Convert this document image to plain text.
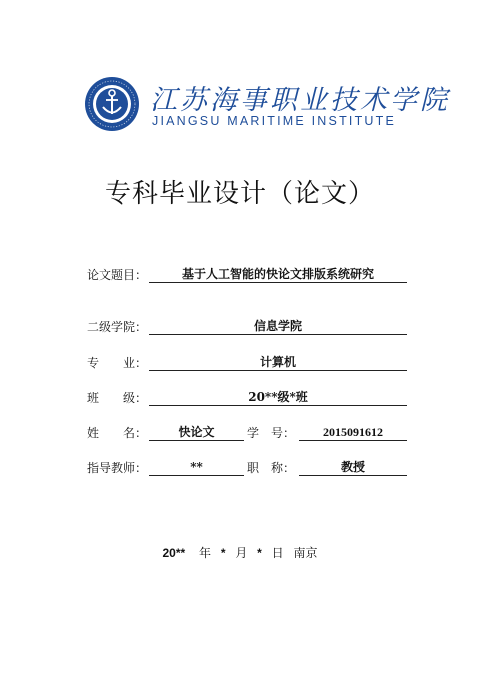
江苏海事职业技术学院
JIANGSU MARITIME INSTITUTE
专科毕业设计（论文）
论文题目：	基于人工智能的快论文排版系统研究
二级学院：	信息学院
专　　业：	计算机
班　　级：	20**级*班
姓　　名：	快论文	学　号：	2015091612
指导教师：	**	职　称：	教授
20** 年 * 月 * 日 南京
